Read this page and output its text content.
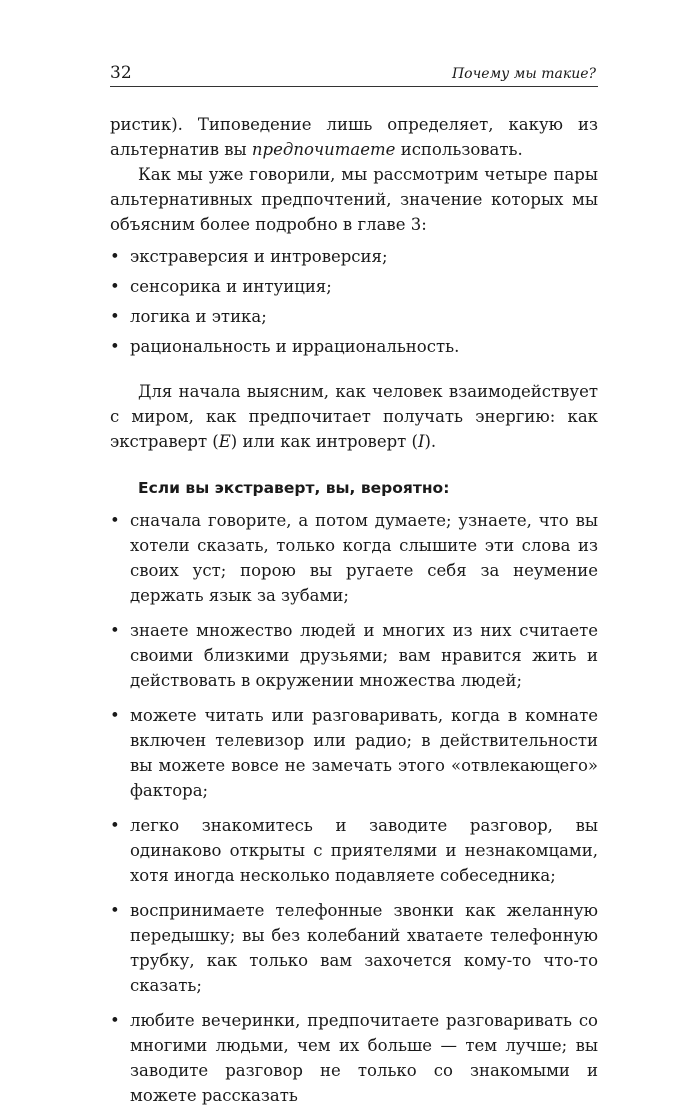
32	Почему мы такие?

ристик). Типоведение лишь определяет, какую из альтернатив вы предпочитаете использовать.

Как мы уже говорили, мы рассмотрим четыре пары альтернативных предпочтений, значение которых мы объясним более подробно в главе 3:

• экстраверсия и интроверсия;
• сенсорика и интуиция;
• логика и этика;
• рациональность и иррациональность.

Для начала выясним, как человек взаимодействует с миром, как предпочитает получать энергию: как экстраверт (E) или как интроверт (I).

Если вы экстраверт, вы, вероятно:

• сначала говорите, а потом думаете; узнаете, что вы хотели сказать, только когда слышите эти слова из своих уст; порою вы ругаете себя за неумение держать язык за зубами;
• знаете множество людей и многих из них считаете своими близкими друзьями; вам нравится жить и действовать в окружении множества людей;
• можете читать или разговаривать, когда в комнате включен телевизор или радио; в действительности вы можете вовсе не замечать этого «отвлекающего» фактора;
• легко знакомитесь и заводите разговор, вы одинаково открыты с приятелями и незнакомцами, хотя иногда несколько подавляете собеседника;
• воспринимаете телефонные звонки как желанную передышку; вы без колебаний хватаете телефонную трубку, как только вам захочется кому-то что-то сказать;
• любите вечеринки, предпочитаете разговаривать со многими людьми, чем их больше — тем лучше; вы заводите разговор не только со знакомыми и можете рассказать
